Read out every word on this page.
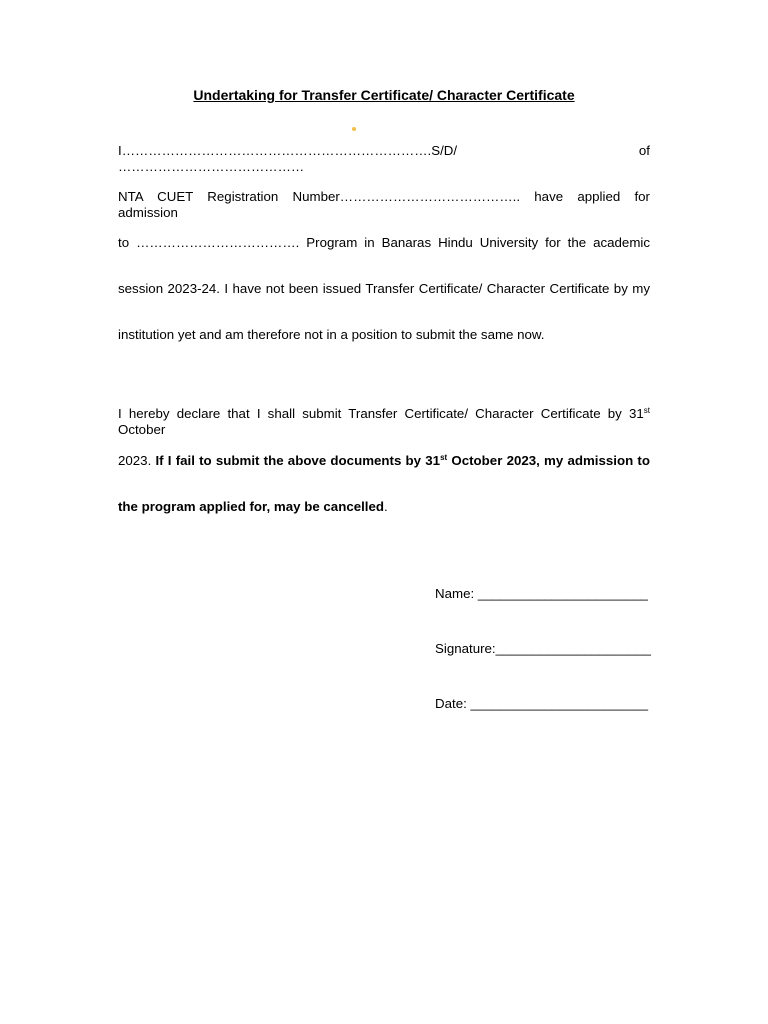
Undertaking for Transfer Certificate/ Character Certificate
I…………………………………………………………….S/D/ of ……………………………………
NTA CUET Registration Number………………………………….. have applied for admission
to ………………………………. Program in Banaras Hindu University for the academic
session 2023-24. I have not been issued Transfer Certificate/ Character Certificate by my
institution yet and am therefore not in a position to submit the same now.
I hereby declare that I shall submit Transfer Certificate/ Character Certificate by 31st October
2023. If I fail to submit the above documents by 31st October 2023, my admission to
the program applied for, may be cancelled.
Name: _______________________
Signature:_____________________
Date: ________________________
